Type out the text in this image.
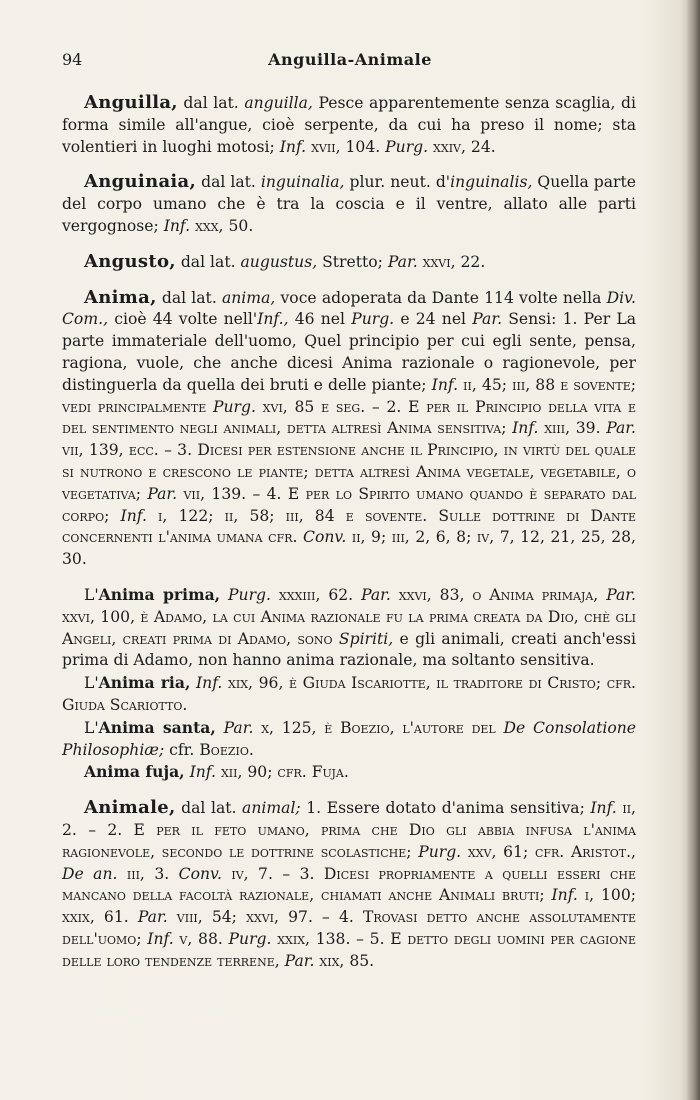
94	Anguilla-Animale

Anguilla, dal lat. anguilla, Pesce apparentemente senza scaglia, di forma simile all'angue, cioè serpente, da cui ha preso il nome; sta volentieri in luoghi motosi; Inf. xvii, 104. Purg. xxiv, 24.

Anguinaia, dal lat. inguinalia, plur. neut. d'inguinalis, Quella parte del corpo umano che è tra la coscia e il ventre, allato alle parti vergognose; Inf. xxx, 50.

Angusto, dal lat. augustus, Stretto; Par. xxvi, 22.

Anima, dal lat. anima, voce adoperata da Dante 114 volte nella Div. Com., cioè 44 volte nell'Inf., 46 nel Purg. e 24 nel Par. Sensi: 1. Per La parte immateriale dell'uomo, Quel principio per cui egli sente, pensa, ragiona, vuole, che anche dicesi Anima razionale o ragionevole, per distinguerla da quella dei bruti e delle piante; Inf. ii, 45; iii, 88 e sovente; vedi principalmente Purg. xvi, 85 e seg. – 2. E per il Principio della vita e del sentimento negli animali, detta altresì Anima sensitiva; Inf. xiii, 39. Par. vii, 139, ecc. – 3. Dicesi per estensione anche il Principio, in virtù del quale si nutrono e crescono le piante; detta altresì Anima vegetale, vegetabile, o vegetativa; Par. vii, 139. – 4. E per lo Spirito umano quando è separato dal corpo; Inf. i, 122; ii, 58; iii, 84 e sovente. Sulle dottrine di Dante concernenti l'anima umana cfr. Conv. ii, 9; iii, 2, 6, 8; iv, 7, 12, 21, 25, 28, 30.

L'Anima prima, Purg. xxxiii, 62. Par. xxvi, 83, o Anima primaja, Par. xxvi, 100, è Adamo, la cui Anima razionale fu la prima creata da Dio, chè gli Angeli, creati prima di Adamo, sono Spiriti, e gli animali, creati anch'essi prima di Adamo, non hanno anima razionale, ma soltanto sensitiva.

L'Anima ria, Inf. xix, 96, è Giuda Iscariotte, il traditore di Cristo; cfr. Giuda Scariotto.

L'Anima santa, Par. x, 125, è Boezio, l'autore del De Consolatione Philosophiæ; cfr. Boezio.

Anima fuja, Inf. xii, 90; cfr. Fuja.

Animale, dal lat. animal; 1. Essere dotato d'anima sensitiva; Inf. ii, 2. – 2. E per il feto umano, prima che Dio gli abbia infusa l'anima ragionevole, secondo le dottrine scolastiche; Purg. xxv, 61; cfr. Aristot., De an. iii, 3. Conv. iv, 7. – 3. Dicesi propriamente a quelli esseri che mancano della facoltà razionale, chiamati anche Animali bruti; Inf. i, 100; xxix, 61. Par. viii, 54; xxvi, 97. – 4. Trovasi detto anche assolutamente dell'uomo; Inf. v, 88. Purg. xxix, 138. – 5. E detto degli uomini per cagione delle loro tendenze terrene, Par. xix, 85.
